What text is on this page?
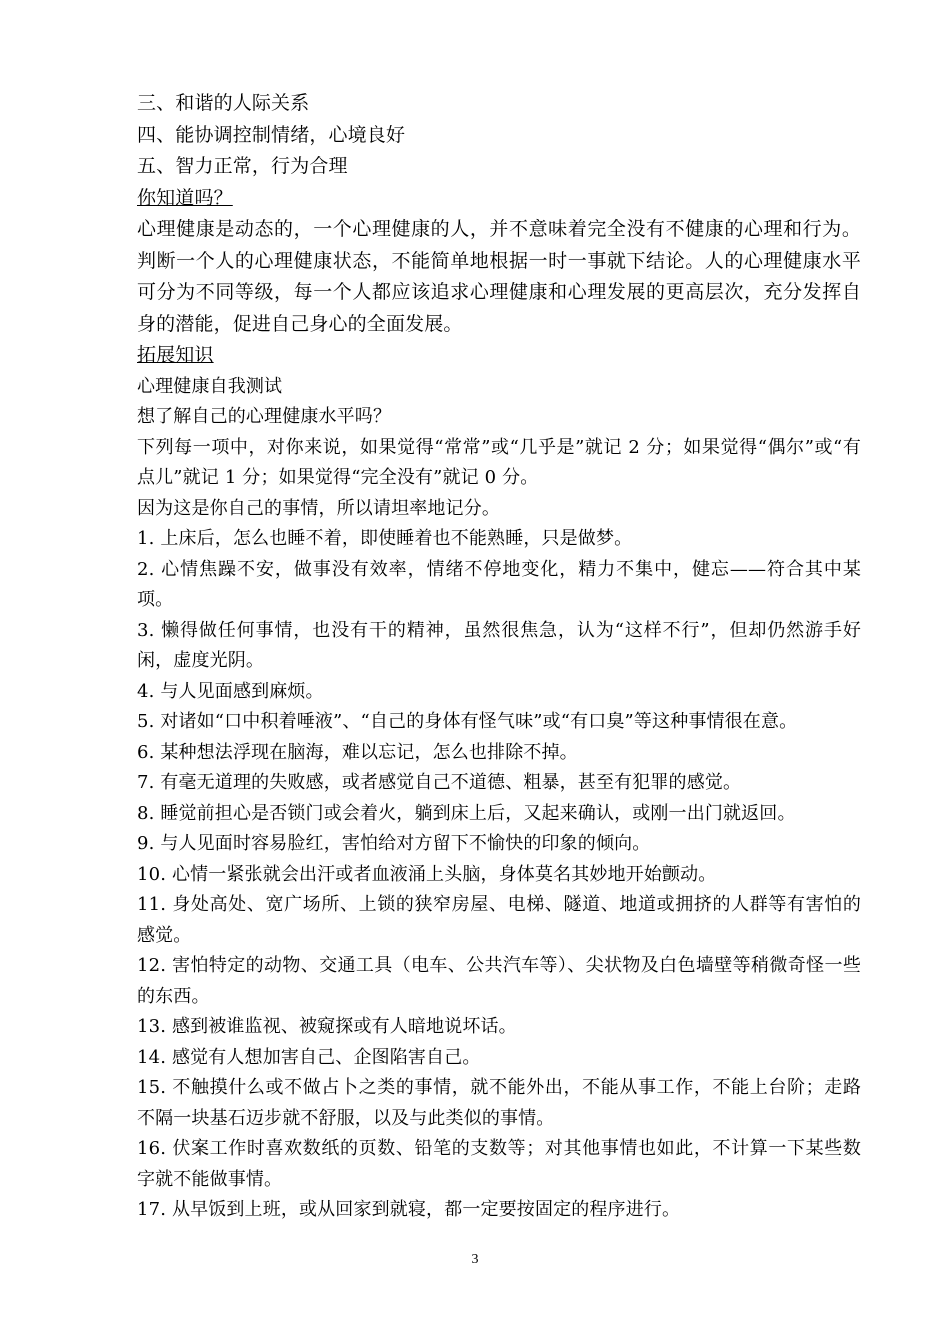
三、和谐的人际关系
四、能协调控制情绪，心境良好
五、智力正常，行为合理
你知道吗？
心理健康是动态的，一个心理健康的人，并不意味着完全没有不健康的心理和行为。判断一个人的心理健康状态，不能简单地根据一时一事就下结论。人的心理健康水平可分为不同等级，每一个人都应该追求心理健康和心理发展的更高层次，充分发挥自身的潜能，促进自己身心的全面发展。
拓展知识
心理健康自我测试
想了解自己的心理健康水平吗？
下列每一项中，对你来说，如果觉得“常常”或“几乎是”就记 2 分；如果觉得“偶尔”或“有点儿”就记 1 分；如果觉得“完全没有”就记 0 分。
因为这是你自己的事情，所以请坦率地记分。
1. 上床后，怎么也睡不着，即使睡着也不能熟睡，只是做梦。
2. 心情焦躁不安，做事没有效率，情绪不停地变化，精力不集中，健忘——符合其中某项。
3. 懒得做任何事情，也没有干的精神，虽然很焦急，认为“这样不行”，但却仍然游手好闲，虚度光阴。
4. 与人见面感到麻烦。
5. 对诸如“口中积着唾液”、“自己的身体有怪气味”或“有口臭”等这种事情很在意。
6. 某种想法浮现在脑海，难以忘记，怎么也排除不掉。
7. 有毫无道理的失败感，或者感觉自己不道德、粗暴，甚至有犯罪的感觉。
8. 睡觉前担心是否锁门或会着火，躺到床上后，又起来确认，或刚一出门就返回。
9. 与人见面时容易脸红，害怕给对方留下不愉快的印象的倾向。
10. 心情一紧张就会出汗或者血液涌上头脑，身体莫名其妙地开始颤动。
11. 身处高处、宽广场所、上锁的狭窄房屋、电梯、隧道、地道或拥挤的人群等有害怕的感觉。
12. 害怕特定的动物、交通工具（电车、公共汽车等）、尖状物及白色墙壁等稍微奇怪一些的东西。
13. 感到被谁监视、被窥探或有人暗地说坏话。
14. 感觉有人想加害自己、企图陷害自己。
15. 不触摸什么或不做占卜之类的事情，就不能外出，不能从事工作，不能上台阶；走路不隔一块基石迈步就不舒服，以及与此类似的事情。
16. 伏案工作时喜欢数纸的页数、铅笔的支数等；对其他事情也如此，不计算一下某些数字就不能做事情。
17. 从早饭到上班，或从回家到就寝，都一定要按固定的程序进行。
3
